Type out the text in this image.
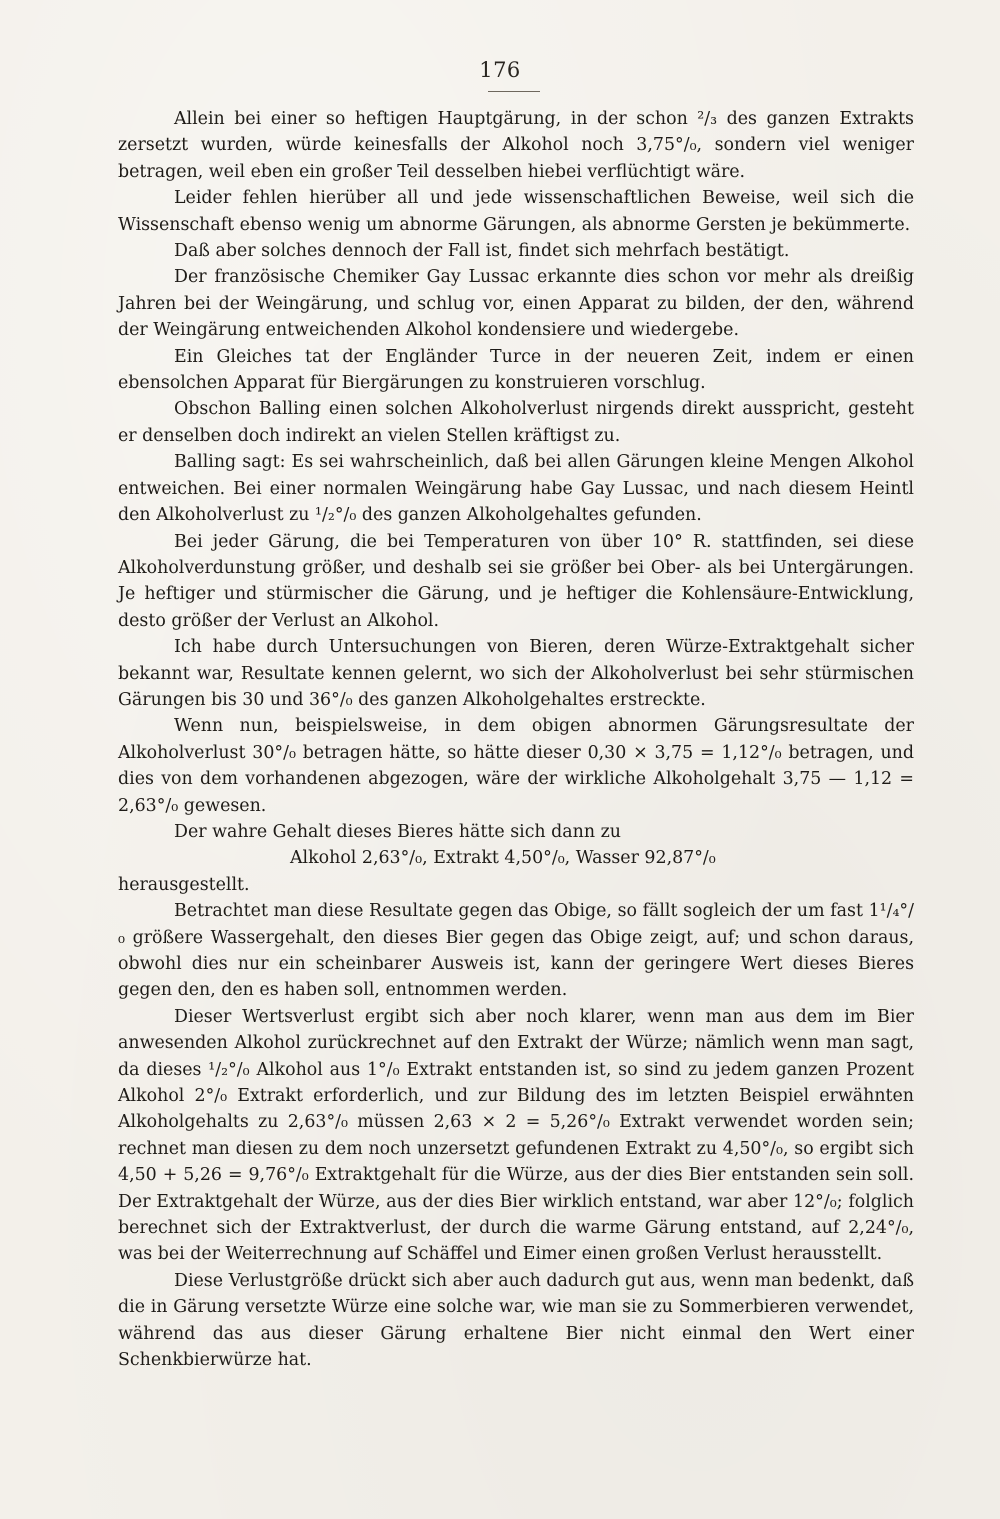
176

Allein bei einer so heftigen Hauptgärung, in der schon ²/₃ des ganzen Extrakts zersetzt wurden, würde keinesfalls der Alkohol noch 3,75°/₀, sondern viel weniger betragen, weil eben ein großer Teil desselben hiebei verflüchtigt wäre.

Leider fehlen hierüber all und jede wissenschaftlichen Beweise, weil sich die Wissenschaft ebenso wenig um abnorme Gärungen, als abnorme Gersten je bekümmerte.

Daß aber solches dennoch der Fall ist, findet sich mehrfach bestätigt.

Der französische Chemiker Gay Lussac erkannte dies schon vor mehr als dreißig Jahren bei der Weingärung, und schlug vor, einen Apparat zu bilden, der den, während der Weingärung entweichenden Alkohol kondensiere und wiedergebe.

Ein Gleiches tat der Engländer Turce in der neueren Zeit, indem er einen ebensolchen Apparat für Biergärungen zu konstruieren vorschlug.

Obschon Balling einen solchen Alkoholverlust nirgends direkt ausspricht, gesteht er denselben doch indirekt an vielen Stellen kräftigst zu.

Balling sagt: Es sei wahrscheinlich, daß bei allen Gärungen kleine Mengen Alkohol entweichen. Bei einer normalen Weingärung habe Gay Lussac, und nach diesem Heintl den Alkoholverlust zu ¹/₂°/₀ des ganzen Alkoholgehaltes gefunden.

Bei jeder Gärung, die bei Temperaturen von über 10° R. stattfinden, sei diese Alkoholverdunstung größer, und deshalb sei sie größer bei Ober- als bei Untergärungen. Je heftiger und stürmischer die Gärung, und je heftiger die Kohlensäure-Entwicklung, desto größer der Verlust an Alkohol.

Ich habe durch Untersuchungen von Bieren, deren Würze-Extraktgehalt sicher bekannt war, Resultate kennen gelernt, wo sich der Alkoholverlust bei sehr stürmischen Gärungen bis 30 und 36°/₀ des ganzen Alkoholgehaltes erstreckte.

Wenn nun, beispielsweise, in dem obigen abnormen Gärungsresultate der Alkoholverlust 30°/₀ betragen hätte, so hätte dieser 0,30 × 3,75 = 1,12°/₀ betragen, und dies von dem vorhandenen abgezogen, wäre der wirkliche Alkoholgehalt 3,75 — 1,12 = 2,63°/₀ gewesen.

Der wahre Gehalt dieses Bieres hätte sich dann zu

Alkohol 2,63°/₀, Extrakt 4,50°/₀, Wasser 92,87°/₀

herausgestellt.

Betrachtet man diese Resultate gegen das Obige, so fällt sogleich der um fast 1¹/₄°/₀ größere Wassergehalt, den dieses Bier gegen das Obige zeigt, auf; und schon daraus, obwohl dies nur ein scheinbarer Ausweis ist, kann der geringere Wert dieses Bieres gegen den, den es haben soll, entnommen werden.

Dieser Wertsverlust ergibt sich aber noch klarer, wenn man aus dem im Bier anwesenden Alkohol zurückrechnet auf den Extrakt der Würze; nämlich wenn man sagt, da dieses ¹/₂°/₀ Alkohol aus 1°/₀ Extrakt entstanden ist, so sind zu jedem ganzen Prozent Alkohol 2°/₀ Extrakt erforderlich, und zur Bildung des im letzten Beispiel erwähnten Alkoholgehalts zu 2,63°/₀ müssen 2,63 × 2 = 5,26°/₀ Extrakt verwendet worden sein; rechnet man diesen zu dem noch unzersetzt gefundenen Extrakt zu 4,50°/₀, so ergibt sich 4,50 + 5,26 = 9,76°/₀ Extraktgehalt für die Würze, aus der dies Bier entstanden sein soll. Der Extraktgehalt der Würze, aus der dies Bier wirklich entstand, war aber 12°/₀; folglich berechnet sich der Extraktverlust, der durch die warme Gärung entstand, auf 2,24°/₀, was bei der Weiterrechnung auf Schäffel und Eimer einen großen Verlust herausstellt.

Diese Verlustgröße drückt sich aber auch dadurch gut aus, wenn man bedenkt, daß die in Gärung versetzte Würze eine solche war, wie man sie zu Sommerbieren verwendet, während das aus dieser Gärung erhaltene Bier nicht einmal den Wert einer Schenkbierwürze hat.
